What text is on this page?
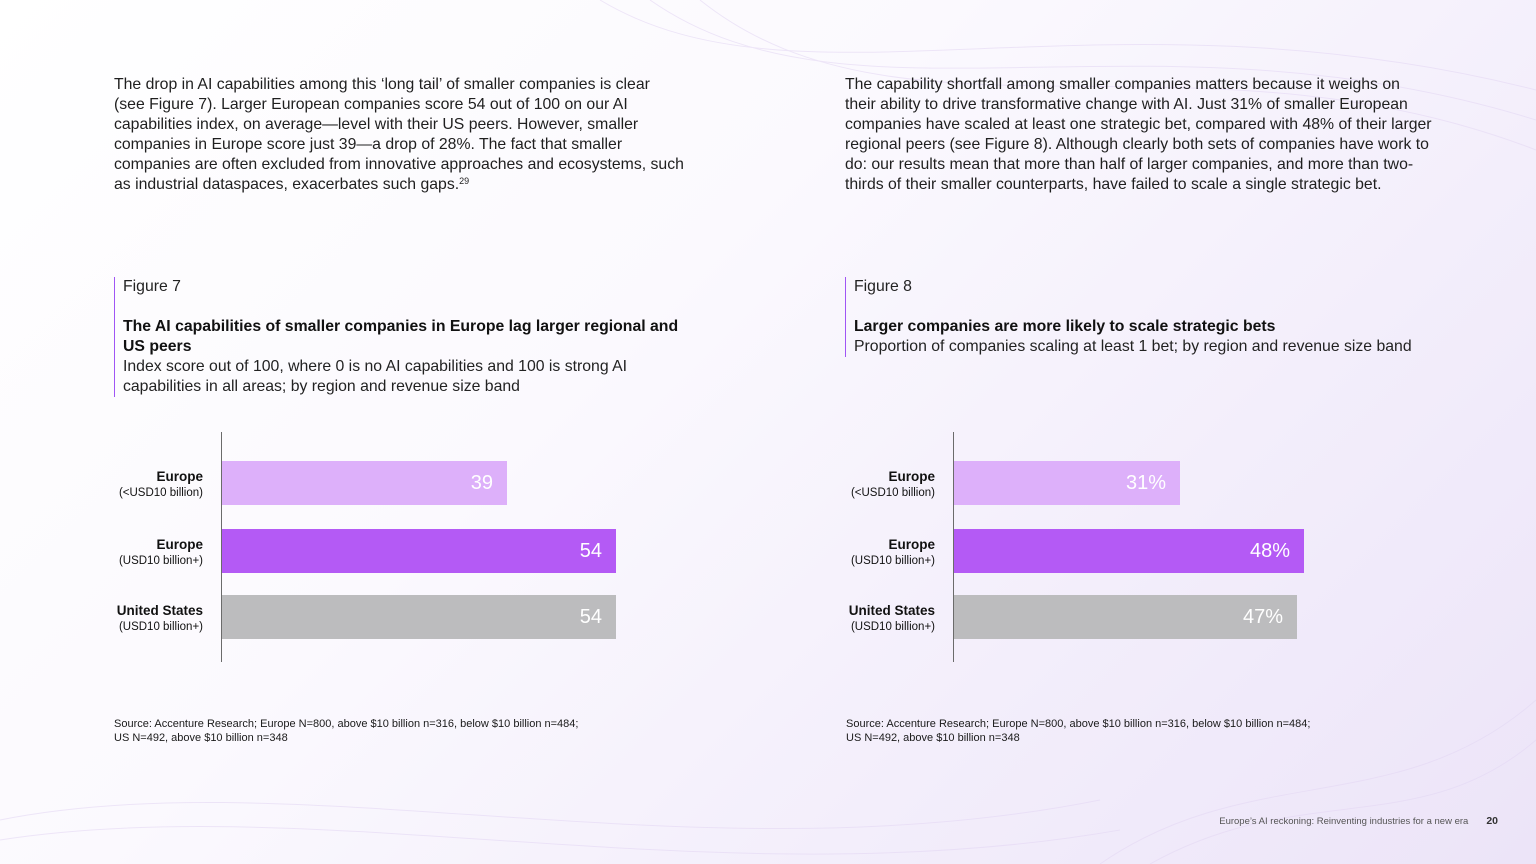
The drop in AI capabilities among this ‘long tail’ of smaller companies is clear (see Figure 7). Larger European companies score 54 out of 100 on our AI capabilities index, on average—level with their US peers. However, smaller companies in Europe score just 39—a drop of 28%. The fact that smaller companies are often excluded from innovative approaches and ecosystems, such as industrial dataspaces, exacerbates such gaps.$^{29}$

The capability shortfall among smaller companies matters because it weighs on their ability to drive transformative change with AI. Just 31% of smaller European companies have scaled at least one strategic bet, compared with 48% of their larger regional peers (see Figure 8). Although clearly both sets of companies have work to do: our results mean that more than half of larger companies, and more than two-thirds of their smaller counterparts, have failed to scale a single strategic bet.

Figure 7

The AI capabilities of smaller companies in Europe lag larger regional and US peers

Index score out of 100, where 0 is no AI capabilities and 100 is strong AI capabilities in all areas; by region and revenue size band

Figure 8

Larger companies are more likely to scale strategic bets

Proportion of companies scaling at least 1 bet; by region and revenue size band

Europe
(<USD10 billion)	39
Europe
(USD10 billion+)	54
United States
(USD10 billion+)	54
Europe
(<USD10 billion)	31%
Europe
(USD10 billion+)	48%
United States
(USD10 billion+)	47%

Source: Accenture Research; Europe N=800, above $10 billion n=316, below $10 billion n=484;
US N=492, above $10 billion n=348

Source: Accenture Research; Europe N=800, above $10 billion n=316, below $10 billion n=484;
US N=492, above $10 billion n=348

Europe’s AI reckoning: Reinventing industries for a new era 20
